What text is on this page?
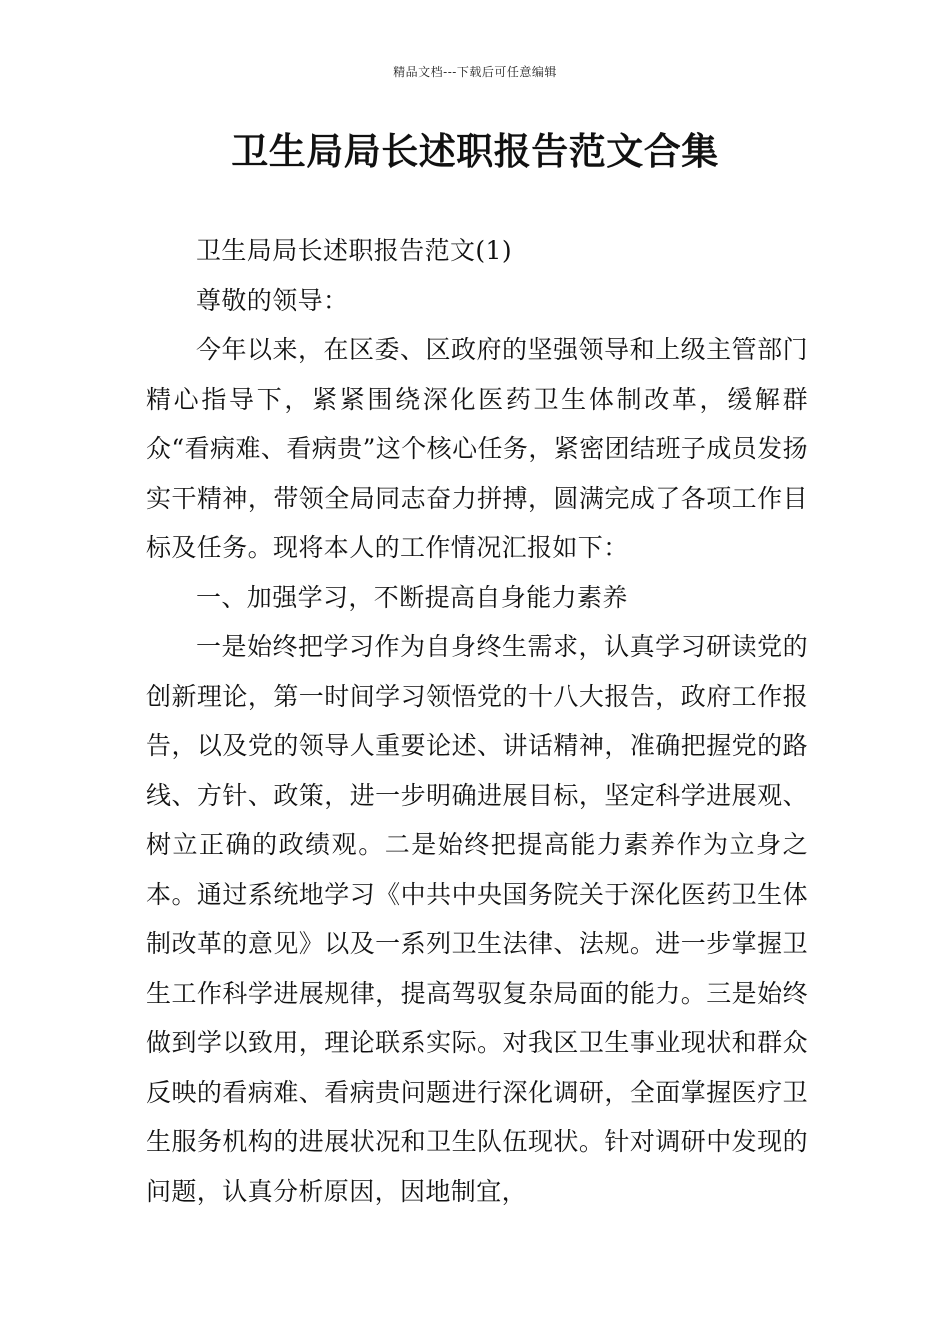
精品文档---下载后可任意编辑
卫生局局长述职报告范文合集

卫生局局长述职报告范文(1)

尊敬的领导：

今年以来，在区委、区政府的坚强领导和上级主管部门精心指导下，紧紧围绕深化医药卫生体制改革，缓解群众“看病难、看病贵”这个核心任务，紧密团结班子成员发扬实干精神，带领全局同志奋力拼搏，圆满完成了各项工作目标及任务。现将本人的工作情况汇报如下：

一、加强学习，不断提高自身能力素养

一是始终把学习作为自身终生需求，认真学习研读党的创新理论，第一时间学习领悟党的十八大报告，政府工作报告，以及党的领导人重要论述、讲话精神，准确把握党的路线、方针、政策，进一步明确进展目标，坚定科学进展观、树立正确的政绩观。二是始终把提高能力素养作为立身之本。通过系统地学习《中共中央国务院关于深化医药卫生体制改革的意见》以及一系列卫生法律、法规。进一步掌握卫生工作科学进展规律，提高驾驭复杂局面的能力。三是始终做到学以致用，理论联系实际。对我区卫生事业现状和群众反映的看病难、看病贵问题进行深化调研，全面掌握医疗卫生服务机构的进展状况和卫生队伍现状。针对调研中发现的问题，认真分析原因，因地制宜，
